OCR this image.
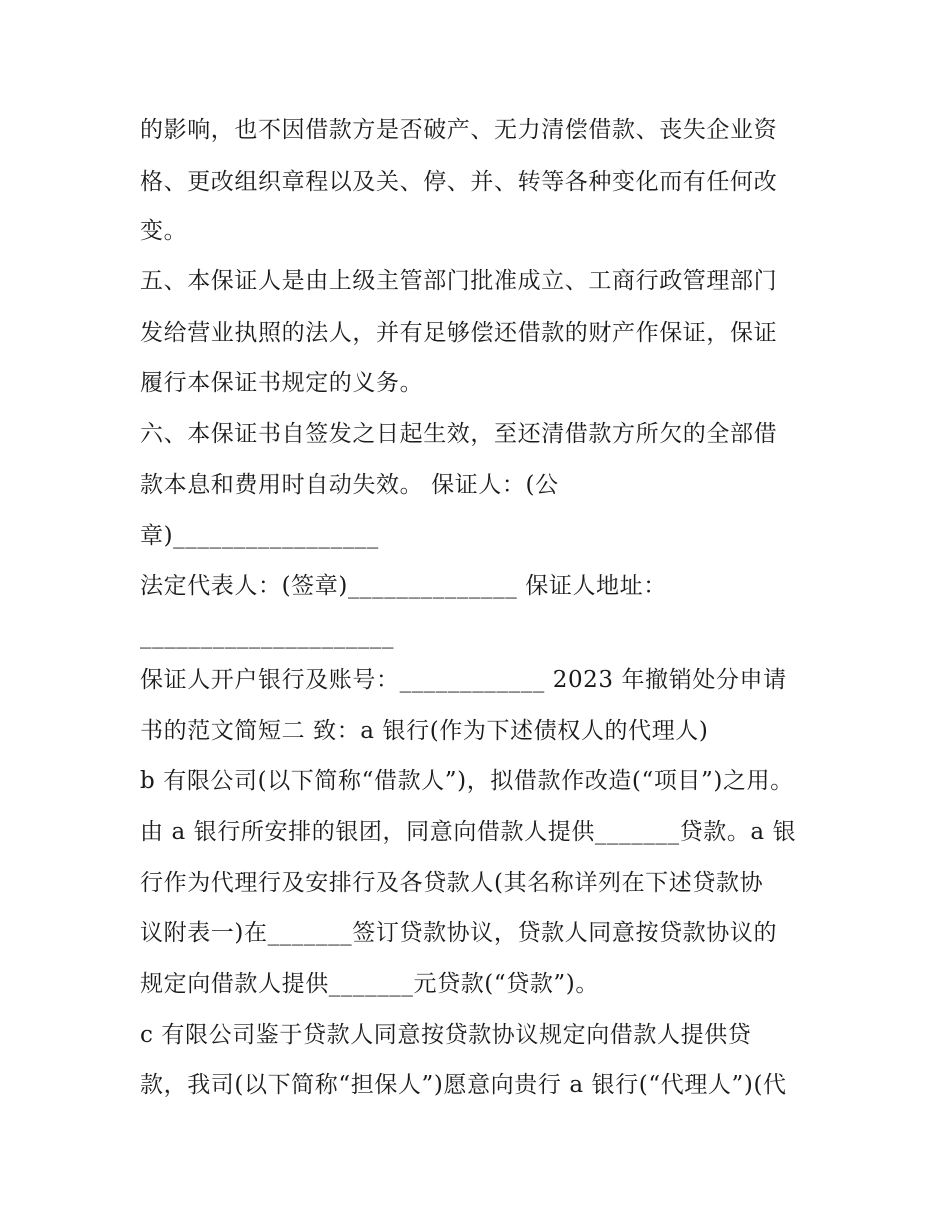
的影响，也不因借款方是否破产、无力清偿借款、丧失企业资
格、更改组织章程以及关、停、并、转等各种变化而有任何改
变。
五、本保证人是由上级主管部门批准成立、工商行政管理部门
发给营业执照的法人，并有足够偿还借款的财产作保证，保证
履行本保证书规定的义务。
六、本保证书自签发之日起生效，至还清借款方所欠的全部借
款本息和费用时自动失效。 保证人：(公
章)_________________
法定代表人：(签章)______________ 保证人地址：
_____________________
保证人开户银行及账号：____________ 2023 年撤销处分申请
书的范文简短二 致：a 银行(作为下述债权人的代理人)
b 有限公司(以下简称“借款人”)，拟借款作改造(“项目”)之用。
由 a 银行所安排的银团，同意向借款人提供_______贷款。a 银
行作为代理行及安排行及各贷款人(其名称详列在下述贷款协
议附表一)在_______签订贷款协议，贷款人同意按贷款协议的
规定向借款人提供_______元贷款(“贷款”)。
c 有限公司鉴于贷款人同意按贷款协议规定向借款人提供贷
款，我司(以下简称“担保人”)愿意向贵行 a 银行(“代理人”)(代
